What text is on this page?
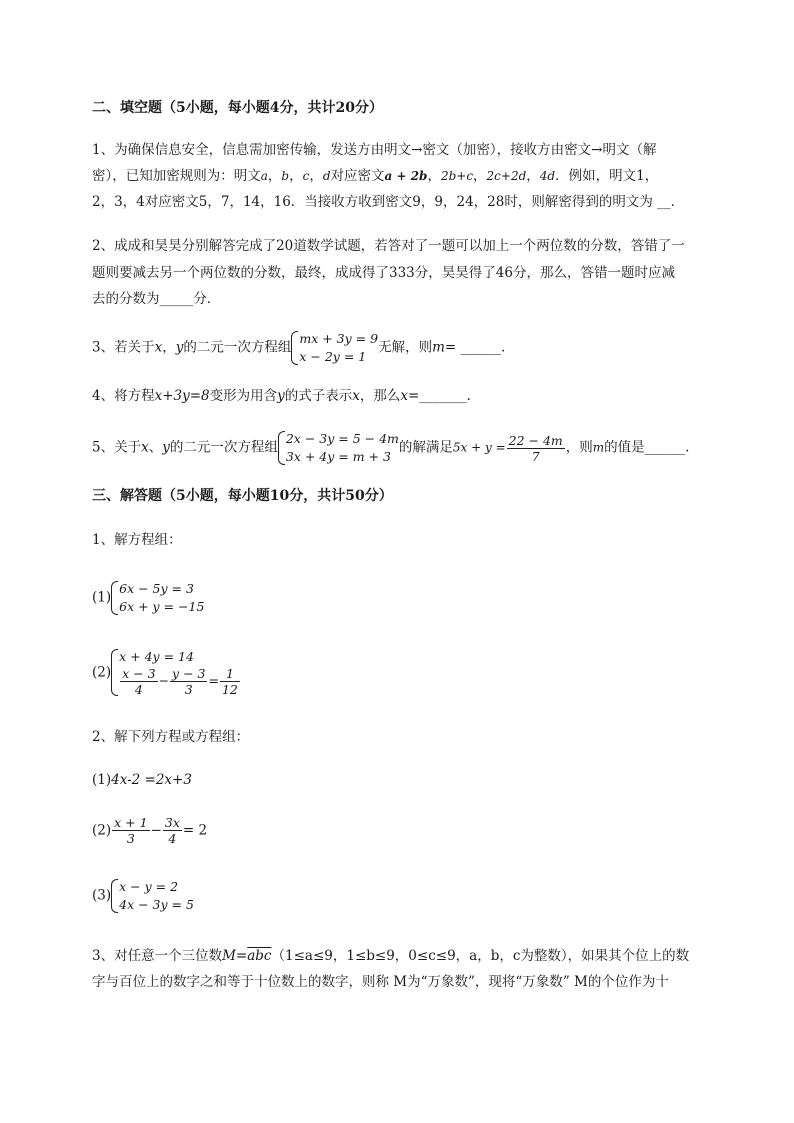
二、填空题（5小题，每小题4分，共计20分）
1、为确保信息安全，信息需加密传输，发送方由明文→密文（加密），接收方由密文→明文（解
密），已知加密规则为：明文a，b，c，d对应密文a + 2b，2b+c，2c+2d，4d．例如，明文1，
2，3，4对应密文5，7，14，16．当接收方收到密文9，9，24，28时，则解密得到的明文为 __．
2、成成和昊昊分别解答完成了20道数学试题，若答对了一题可以加上一个两位数的分数，答错了一
题则要减去另一个两位数的分数，最终，成成得了333分，昊昊得了46分，那么，答错一题时应减
去的分数为_____分．
3、若关于x，y的二元一次方程组
mx + 3y = 9
x − 2y = 1
无解，则m= ______.
4、将方程x+3y=8变形为用含y的式子表示x，那么x=_______.
5、关于x、y的二元一次方程组
2x − 3y = 5 − 4m
3x + 4y = m + 3
的解满足$5x + y = \frac{22 - 4m}{7}$ ，则m的值是______.
三、解答题（5小题，每小题10分，共计50分）
1、解方程组：
(1)
6x − 5y = 3
6x + y = −15
(2)
x + 4y = 14
$\frac{x - 3}{4} - \frac{y - 3}{3} = \frac{1}{12}$
2、解下列方程或方程组：
(1)4x-2 =2x+3
$(2) \frac{x + 1}{3} - \frac{3x}{4} = 2$
(3)
x − y = 2
4x − 3y = 5
3、对任意一个三位数$M=\overline{abc}(1\le a\le 9$，1≤b≤9，0≤c≤9，a，b，c为整数），如果其个位上的数
字与百位上的数字之和等于十位数上的数字，则称 M为“万象数”，现将“万象数” M的个位作为十
